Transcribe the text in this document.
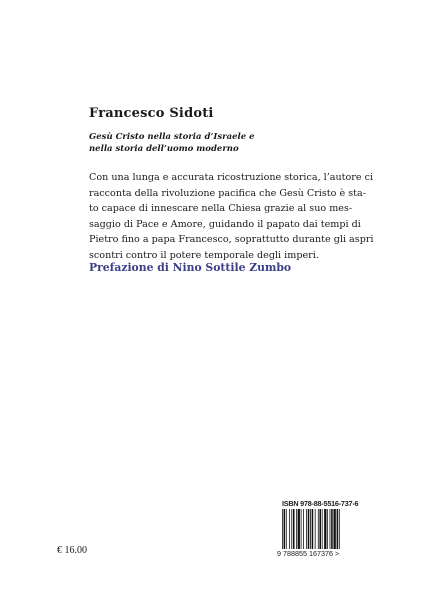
Francesco Sidoti

Gesù Cristo nella storia d’Israele e
nella storia dell’uomo moderno
Con una lunga e accurata ricostruzione storica, l’autore ci
racconta della rivoluzione pacifica che Gesù Cristo è sta-
to capace di innescare nella Chiesa grazie al suo mes-
saggio di Pace e Amore, guidando il papato dai tempi di
Pietro fino a papa Francesco, soprattutto durante gli aspri
scontri contro il potere temporale degli imperi.

Prefazione di Nino Sottile Zumbo

ISBN 978-88-5516-737-6
9 788855 167376 >
€ 16.00
